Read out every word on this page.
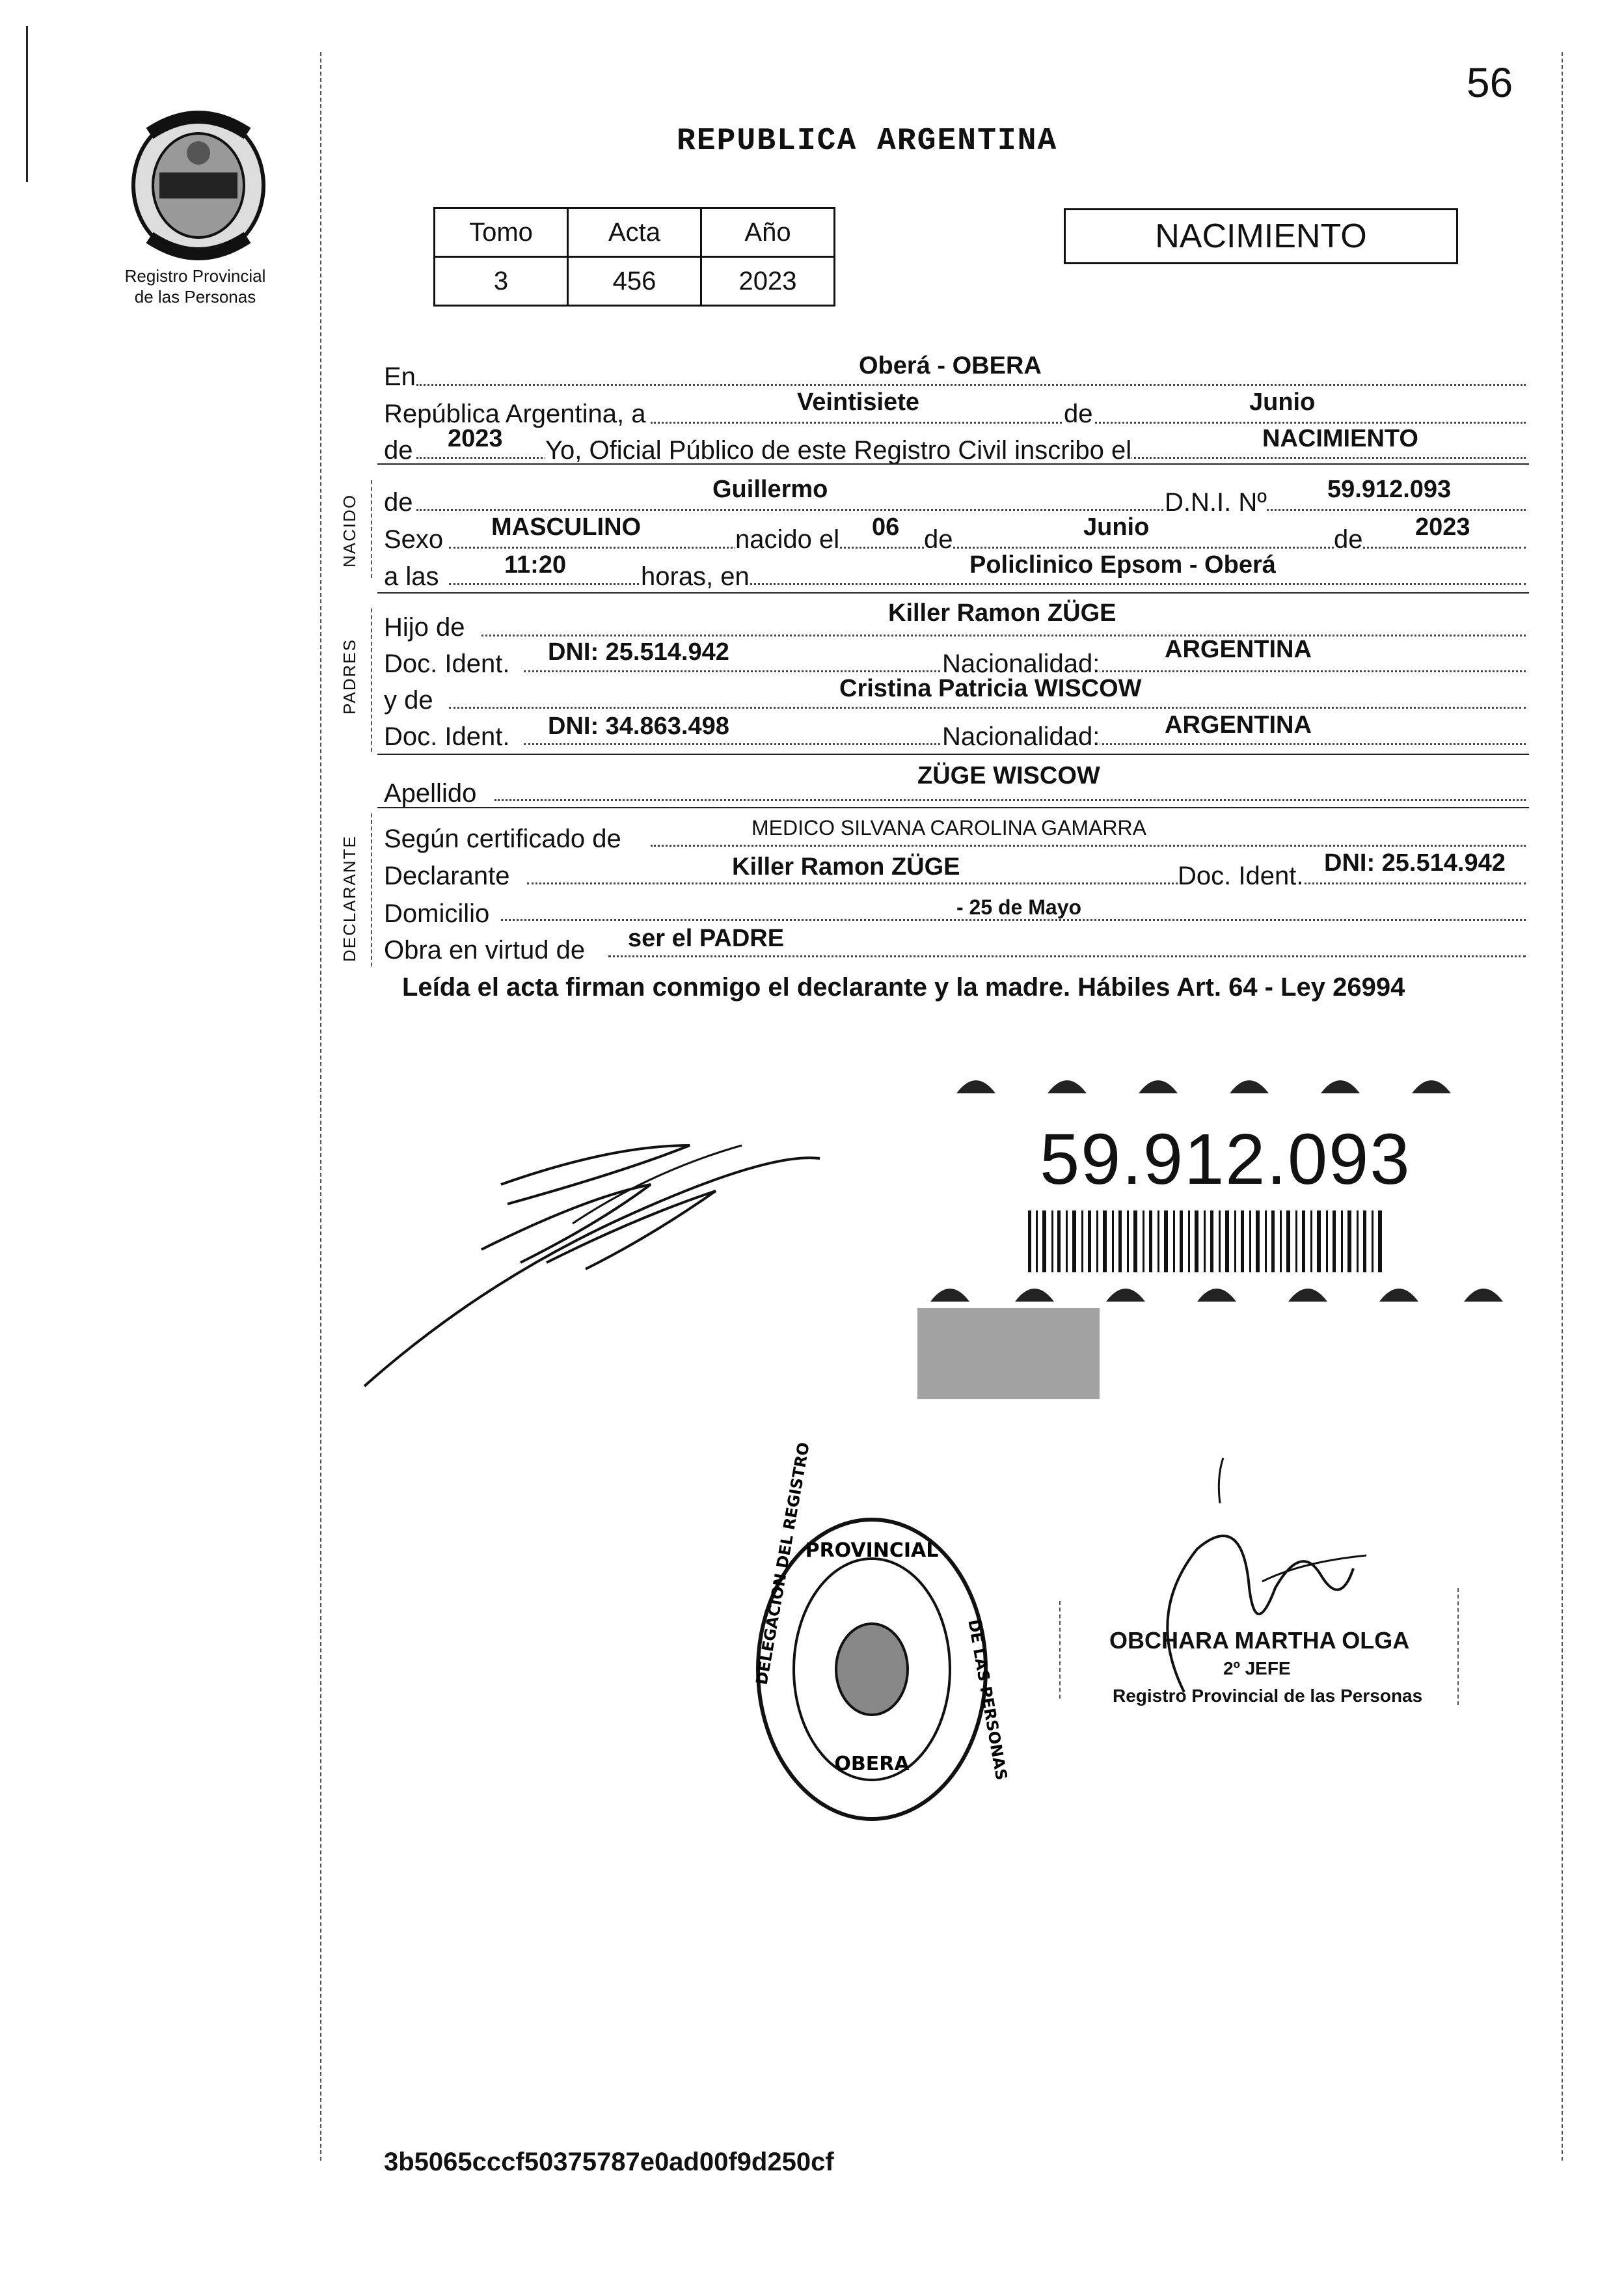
56
Registro Provincial
de las Personas
REPUBLICA ARGENTINA
Tomo	Acta	Año
3	456	2023
NACIMIENTO
NACIDO
PADRES
DECLARANTE
En	Oberá - OBERA
República Argentina, a	Veintisiete	de	Junio
de 2023 Yo, Oficial Público de este Registro Civil inscribo el	NACIMIENTO
de	Guillermo	D.N.I. Nº 59.912.093
Sexo MASCULINO	nacido el 06 de	Junio	de 2023
a las	11:20	horas, en	Policlinico Epsom - Oberá
Hijo de	Killer Ramon ZÜGE
Doc. Ident. DNI: 25.514.942	Nacionalidad:	ARGENTINA
y de	Cristina Patricia WISCOW
Doc. Ident. DNI: 34.863.498	Nacionalidad:	ARGENTINA
Apellido
ZÜGE WISCOW
Según certificado de	MEDICO SILVANA CAROLINA GAMARRA
Declarante	Killer Ramon ZÜGE	Doc. Ident. DNI: 25.514.942
Domicilio	- 25 de Mayo
Obra en virtud de ser el PADRE
Leída el acta firman conmigo el declarante y la madre. Hábiles Art. 64 - Ley 26994
59.912.093
PROVINCIAL
OBERA
DELEGACION DEL REGISTRO
DE LAS PERSONAS	OBCHARA MARTHA OLGA
2º JEFE
Registro Provincial de las Personas
3b5065cccf50375787e0ad00f9d250cf
